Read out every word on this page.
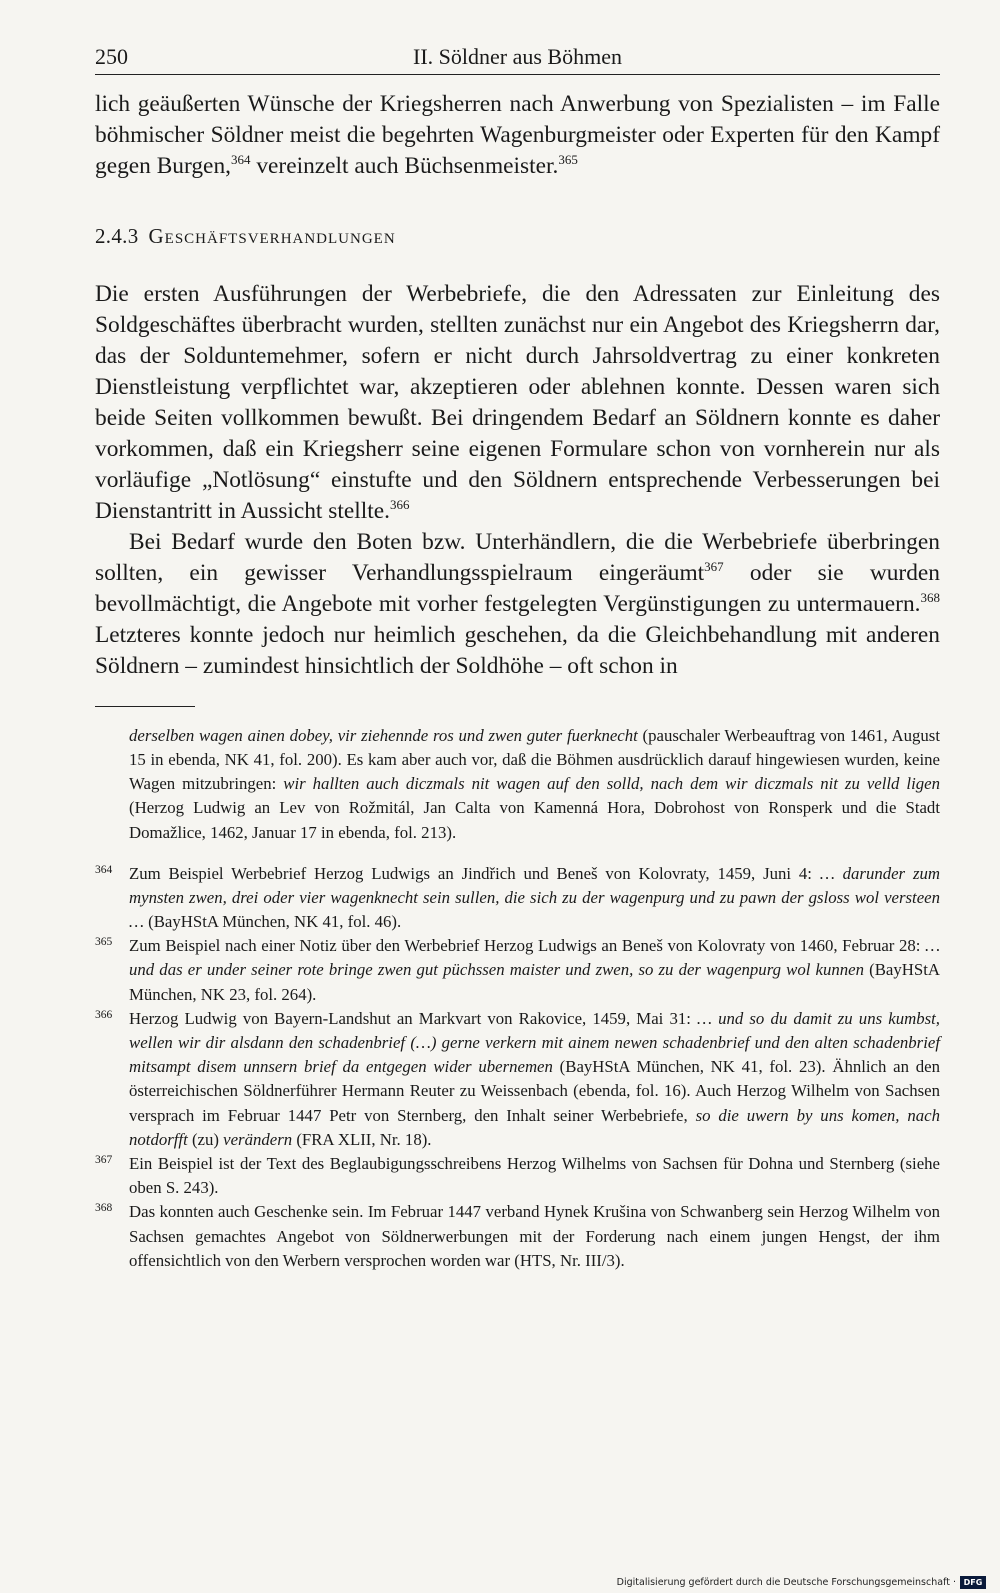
250	II. Söldner aus Böhmen

lich geäußerten Wünsche der Kriegsherren nach Anwerbung von Spezialisten – im Falle böhmischer Söldner meist die begehrten Wagenburgmeister oder Experten für den Kampf gegen Burgen,$^{364}$ vereinzelt auch Büchsenmeister.$^{365}$

2.4.3 Geschäftsverhandlungen

Die ersten Ausführungen der Werbebriefe, die den Adressaten zur Einleitung des Soldgeschäftes überbracht wurden, stellten zunächst nur ein Angebot des Kriegsherrn dar, das der Solduntemehmer, sofern er nicht durch Jahrsoldvertrag zu einer konkreten Dienstleistung verpflichtet war, akzeptieren oder ablehnen konnte. Dessen waren sich beide Seiten vollkommen bewußt. Bei dringendem Bedarf an Söldnern konnte es daher vorkommen, daß ein Kriegsherr seine eigenen Formulare schon von vornherein nur als vorläufige „Notlösung“ einstufte und den Söldnern entsprechende Verbesserungen bei Dienstantritt in Aussicht stellte.$^{366}$

Bei Bedarf wurde den Boten bzw. Unterhändlern, die die Werbebriefe überbringen sollten, ein gewisser Verhandlungsspielraum eingeräumt$^{367}$ oder sie wurden bevollmächtigt, die Angebote mit vorher festgelegten Vergünstigungen zu untermauern.$^{368}$ Letzteres konnte jedoch nur heimlich geschehen, da die Gleichbehandlung mit anderen Söldnern – zumindest hinsichtlich der Soldhöhe – oft schon in

derselben wagen ainen dobey, vir ziehennde ros und zwen guter fuerknecht (pauschaler Werbeauftrag von 1461, August 15 in ebenda, NK 41, fol. 200). Es kam aber auch vor, daß die Böhmen ausdrücklich darauf hingewiesen wurden, keine Wagen mitzubringen: wir hallten auch diczmals nit wagen auf den solld, nach dem wir diczmals nit zu velld ligen (Herzog Ludwig an Lev von Rožmitál, Jan Calta von Kamenná Hora, Dobrohost von Ronsperk und die Stadt Domažlice, 1462, Januar 17 in ebenda, fol. 213).

364 Zum Beispiel Werbebrief Herzog Ludwigs an Jindřich und Beneš von Kolovraty, 1459, Juni 4: … darunder zum mynsten zwen, drei oder vier wagenknecht sein sullen, die sich zu der wagenpurg und zu pawn der gsloss wol versteen … (BayHStA München, NK 41, fol. 46).

365 Zum Beispiel nach einer Notiz über den Werbebrief Herzog Ludwigs an Beneš von Kolovraty von 1460, Februar 28: … und das er under seiner rote bringe zwen gut püchssen maister und zwen, so zu der wagenpurg wol kunnen (BayHStA München, NK 23, fol. 264).

366 Herzog Ludwig von Bayern-Landshut an Markvart von Rakovice, 1459, Mai 31: … und so du damit zu uns kumbst, wellen wir dir alsdann den schadenbrief (…) gerne verkern mit ainem newen schadenbrief und den alten schadenbrief mitsampt disem unnsern brief da entgegen wider ubernemen (BayHStA München, NK 41, fol. 23). Ähnlich an den österreichischen Söldnerführer Hermann Reuter zu Weissenbach (ebenda, fol. 16). Auch Herzog Wilhelm von Sachsen versprach im Februar 1447 Petr von Sternberg, den Inhalt seiner Werbebriefe, so die uwern by uns komen, nach notdorfft (zu) verändern (FRA XLII, Nr. 18).

367 Ein Beispiel ist der Text des Beglaubigungsschreibens Herzog Wilhelms von Sachsen für Dohna und Sternberg (siehe oben S. 243).

368 Das konnten auch Geschenke sein. Im Februar 1447 verband Hynek Krušina von Schwanberg sein Herzog Wilhelm von Sachsen gemachtes Angebot von Söldnerwerbungen mit der Forderung nach einem jungen Hengst, der ihm offensichtlich von den Werbern versprochen worden war (HTS, Nr. III/3).

Digitalisierung gefördert durch die Deutsche Forschungsgemeinschaft · DFG
